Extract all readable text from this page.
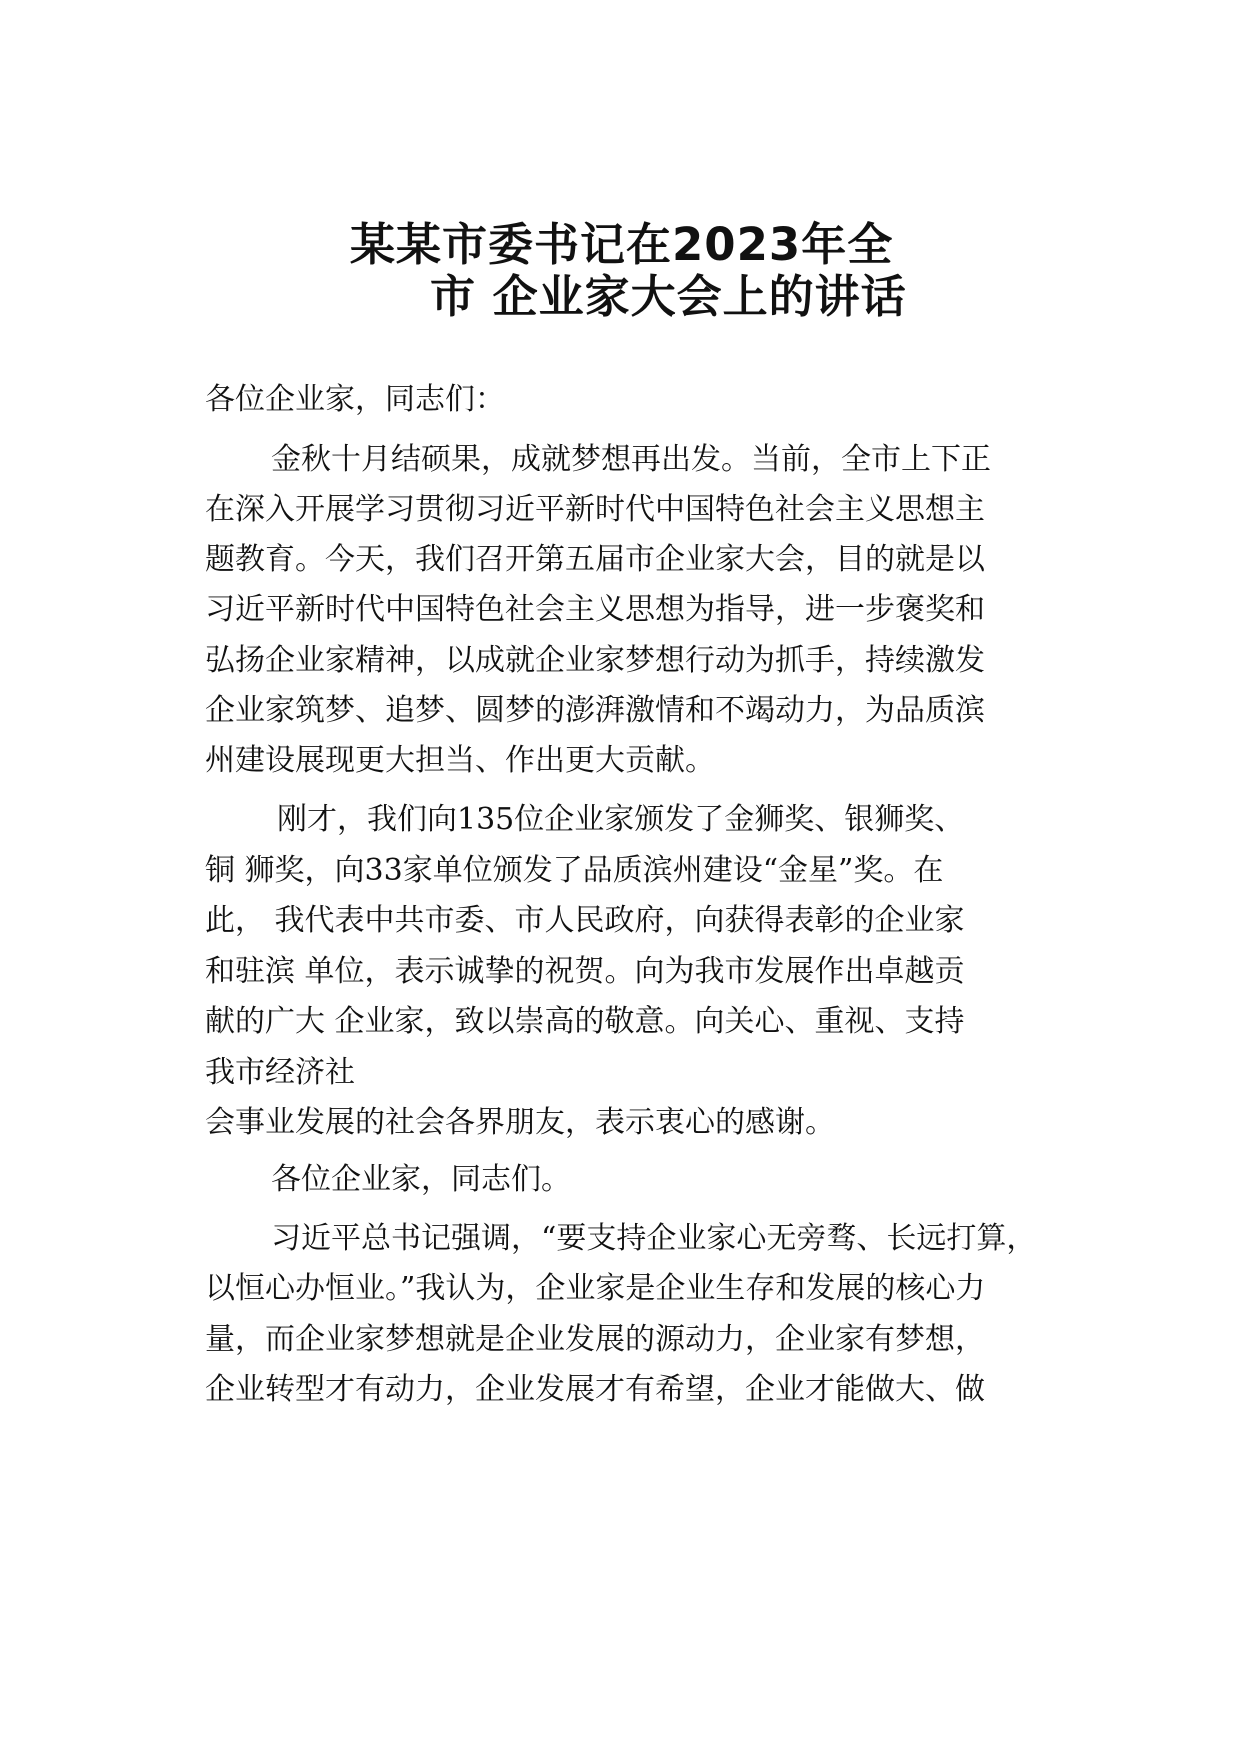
某某市委书记在2023年全
市 企业家大会上的讲话
各位企业家，同志们：
金秋十月结硕果，成就梦想再出发。当前，全市上下正
在深入开展学习贯彻习近平新时代中国特色社会主义思想主
题教育。今天，我们召开第五届市企业家大会，目的就是以
习近平新时代中国特色社会主义思想为指导，进一步褒奖和
弘扬企业家精神，以成就企业家梦想行动为抓手，持续激发
企业家筑梦、追梦、圆梦的澎湃激情和不竭动力，为品质滨
州建设展现更大担当、作出更大贡献。
刚才，我们向135位企业家颁发了金狮奖、银狮奖、
铜 狮奖，向33家单位颁发了品质滨州建设“金星”奖。在
此， 我代表中共市委、市人民政府，向获得表彰的企业家
和驻滨 单位，表示诚挚的祝贺。向为我市发展作出卓越贡
献的广大 企业家，致以崇高的敬意。向关心、重视、支持
我市经济社
会事业发展的社会各界朋友，表示衷心的感谢。
各位企业家，同志们。
习近平总书记强调，“要支持企业家心无旁骛、长远打算，
以恒心办恒业。”我认为，企业家是企业生存和发展的核心力
量，而企业家梦想就是企业发展的源动力，企业家有梦想，
企业转型才有动力，企业发展才有希望，企业才能做大、做
